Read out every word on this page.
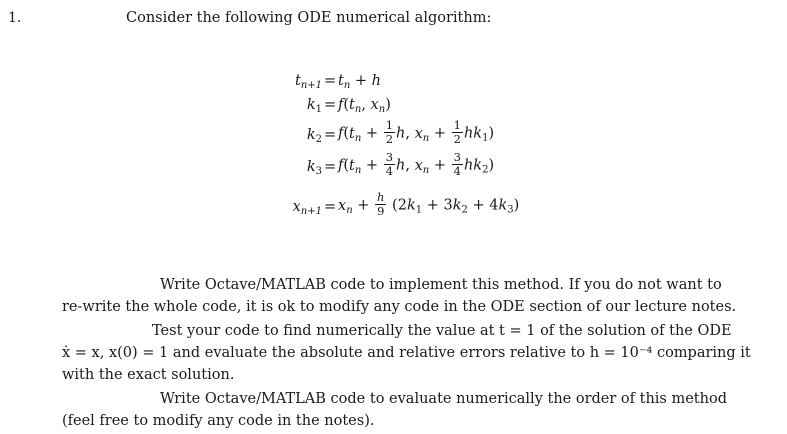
1.	Consider the following ODE numerical algorithm:
$t_{n+1} = t_n + h$
$k_1 = f(t_n$, $x_n$)
$k_2 = f(t_n + \frac{1}{2} h$, $x_n + \frac{1}{2} hk_1$)
$k_3 = f(t_n + \frac{3}{4} h$, $x_n + \frac{3}{4} hk_2$)
$x_{n+1} = x_n + \frac{h}{9} (2k_1 + 3k_2 + 4k_3)$
Write Octave/MATLAB code to implement this method. If you do not want to
re-write the whole code, it is ok to modify any code in the ODE section of our lecture notes.
Test your code to find numerically the value at t = 1 of the solution of the ODE
ẋ = x, x(0) = 1 and evaluate the absolute and relative errors relative to h = 10⁻⁴ comparing it
with the exact solution.
Write Octave/MATLAB code to evaluate numerically the order of this method
(feel free to modify any code in the notes).
